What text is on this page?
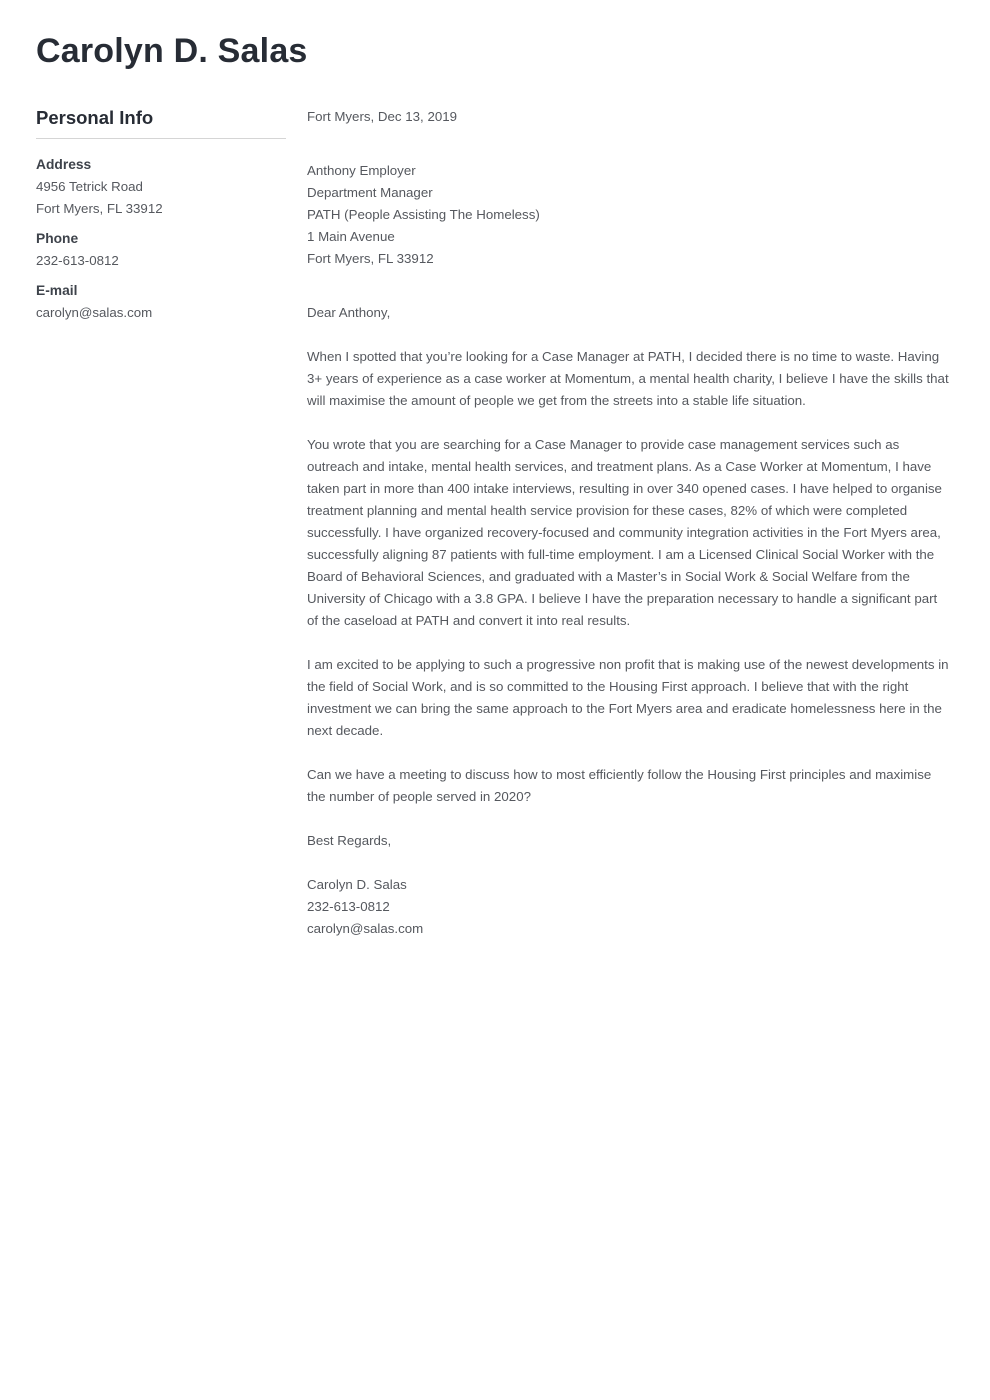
Carolyn D. Salas
Personal Info
Address
4956 Tetrick Road
Fort Myers, FL 33912
Phone
232-613-0812
E-mail
carolyn@salas.com
Fort Myers, Dec 13, 2019
Anthony Employer
Department Manager
PATH (People Assisting The Homeless)
1 Main Avenue
Fort Myers, FL 33912
Dear Anthony,

When I spotted that you’re looking for a Case Manager at PATH, I decided there is no time to waste. Having 3+ years of experience as a case worker at Momentum, a mental health charity, I believe I have the skills that will maximise the amount of people we get from the streets into a stable life situation.

You wrote that you are searching for a Case Manager to provide case management services such as outreach and intake, mental health services, and treatment plans. As a Case Worker at Momentum, I have taken part in more than 400 intake interviews, resulting in over 340 opened cases. I have helped to organise treatment planning and mental health service provision for these cases, 82% of which were completed successfully. I have organized recovery-focused and community integration activities in the Fort Myers area, successfully aligning 87 patients with full-time employment. I am a Licensed Clinical Social Worker with the Board of Behavioral Sciences, and graduated with a Master’s in Social Work & Social Welfare from the University of Chicago with a 3.8 GPA. I believe I have the preparation necessary to handle a significant part of the caseload at PATH and convert it into real results.

I am excited to be applying to such a progressive non profit that is making use of the newest developments in the field of Social Work, and is so committed to the Housing First approach. I believe that with the right investment we can bring the same approach to the Fort Myers area and eradicate homelessness here in the next decade.

Can we have a meeting to discuss how to most efficiently follow the Housing First principles and maximise the number of people served in 2020?

Best Regards,
Carolyn D. Salas
232-613-0812
carolyn@salas.com
